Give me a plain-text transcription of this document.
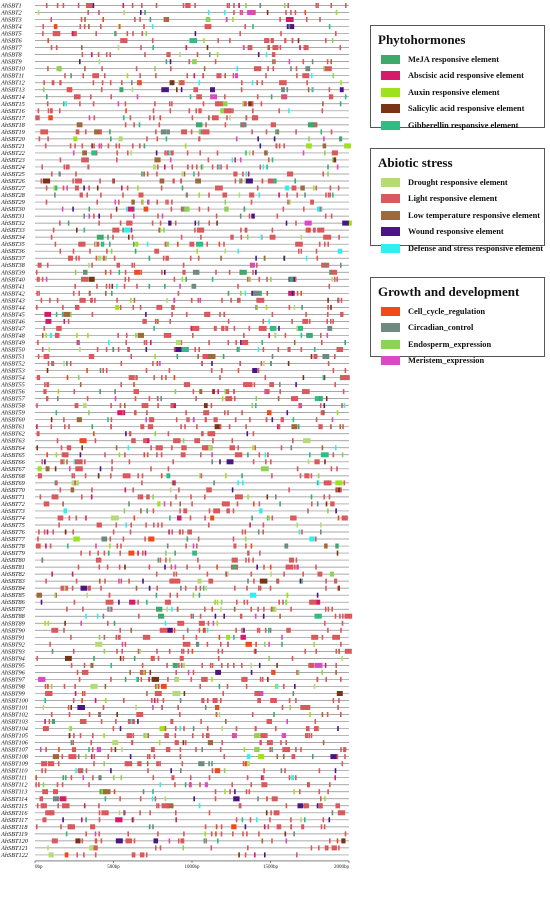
AhSBT1
AhSBT2
AhSBT3
AhSBT4
AhSBT5
AhSBT6
AhSBT7
AhSBT8
AhSBT9
AhSBT10
AhSBT11
AhSBT12
AhSBT13
AhSBT14
AhSBT15
AhSBT16
AhSBT17
AhSBT18
AhSBT19
AhSBT20
AhSBT21
AhSBT22
AhSBT23
AhSBT24
AhSBT25
AhSBT26
AhSBT27
AhSBT28
AhSBT29
AhSBT30
AhSBT31
AhSBT32
AhSBT33
AhSBT34
AhSBT35
AhSBT36
AhSBT37
AhSBT38
AhSBT39
AhSBT40
AhSBT41
AhSBT42
AhSBT43
AhSBT44
AhSBT45
AhSBT46
AhSBT47
AhSBT48
AhSBT49
AhSBT50
AhSBT51
AhSBT52
AhSBT53
AhSBT54
AhSBT55
AhSBT56
AhSBT57
AhSBT58
AhSBT59
AhSBT60
AhSBT61
AhSBT62
AhSBT63
AhSBT64
AhSBT65
AhSBT66
AhSBT67
AhSBT68
AhSBT69
AhSBT70
AhSBT71
AhSBT72
AhSBT73
AhSBT74
AhSBT75
AhSBT76
AhSBT77
AhSBT78
AhSBT79
AhSBT80
AhSBT81
AhSBT82
AhSBT83
AhSBT84
AhSBT85
AhSBT86
AhSBT87
AhSBT88
AhSBT89
AhSBT90
AhSBT91
AhSBT92
AhSBT93
AhSBT94
AhSBT95
AhSBT96
AhSBT97
AhSBT98
AhSBT99
AhSBT100
AhSBT101
AhSBT102
AhSBT103
AhSBT104
AhSBT105
AhSBT106
AhSBT107
AhSBT108
AhSBT109
AhSBT110
AhSBT111
AhSBT112
AhSBT113
AhSBT114
AhSBT115
AhSBT116
AhSBT117
AhSBT118
AhSBT119
AhSBT120
AhSBT121
AhSBT122
0bp	500bp	1000bp	1500bp	2000bp
Phytohormones
MeJA responsive element
Abscisic acid responsive element
Auxin responsive element
Salicylic acid responsive element
Gibberellin responsive element
Abiotic stress
Drought responsive element
Light responsive element
Low temperature responsive element
Wound responsive element
Defense and stress responsive element
Growth and development
Cell_cycle_regulation
Circadian_control
Endosperm_expression
Meristem_expression
